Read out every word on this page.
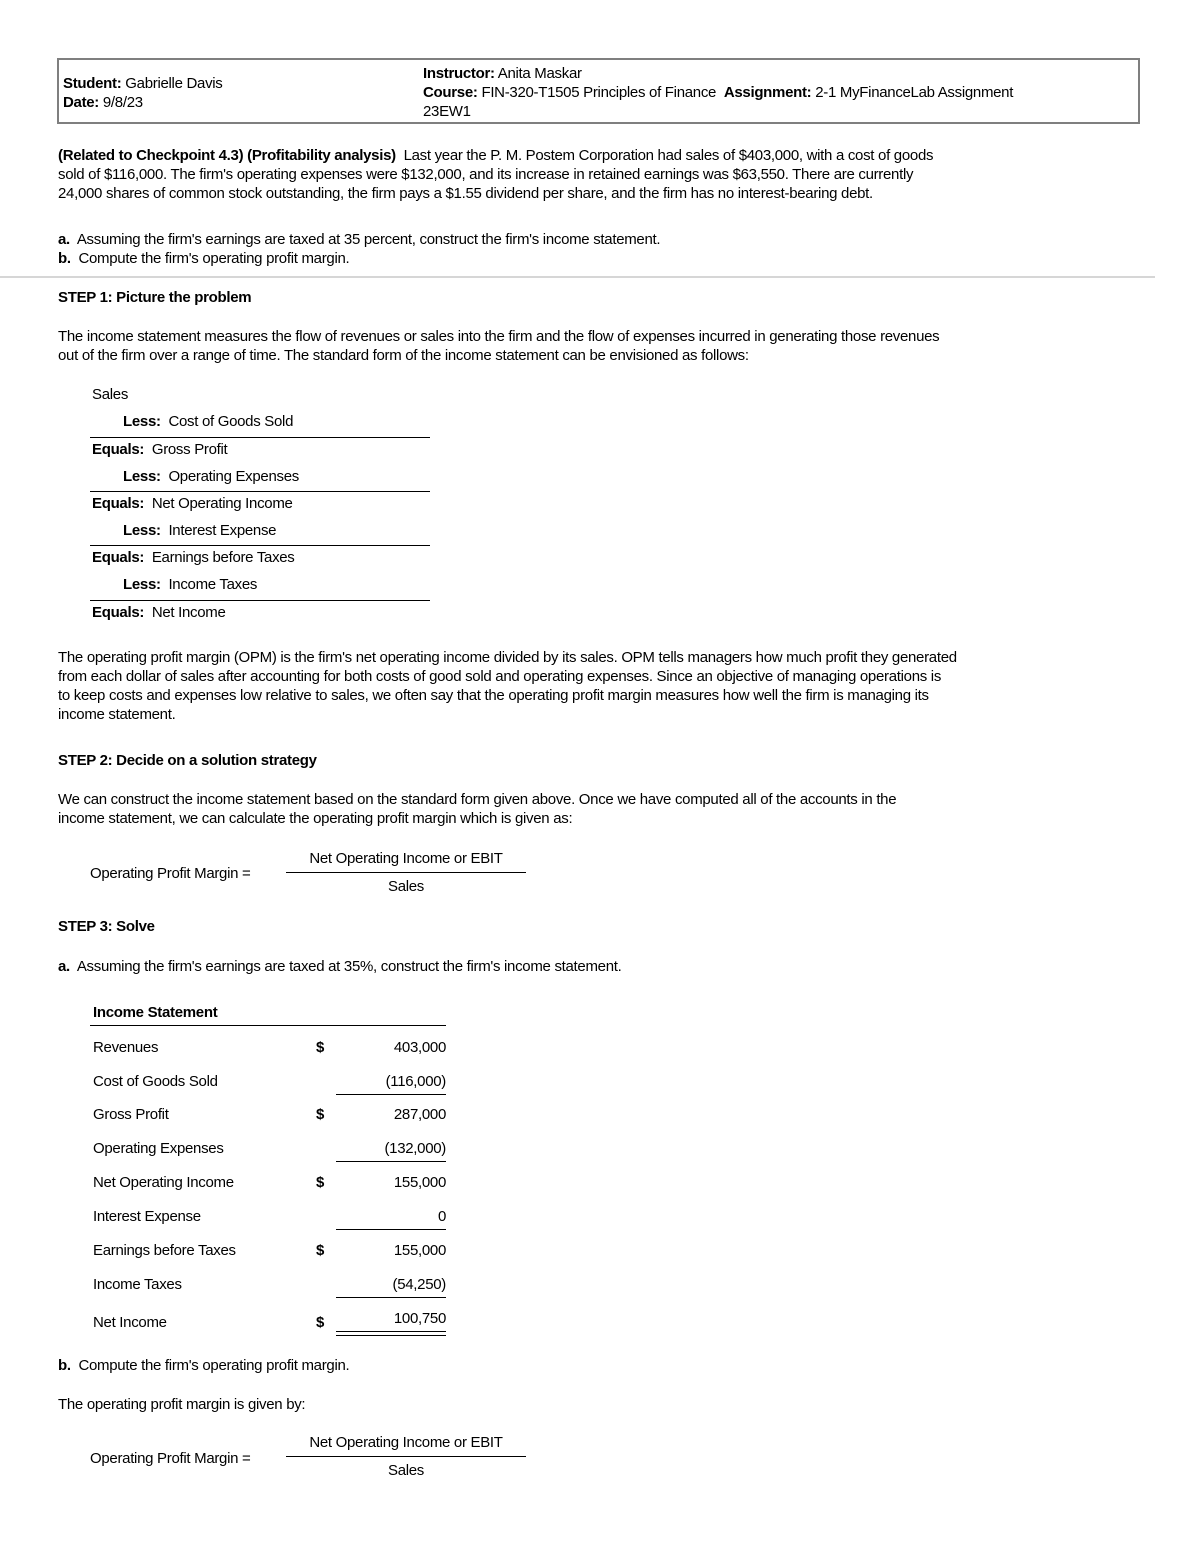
Student: Gabrielle Davis
Date: 9/8/23
Instructor: Anita Maskar
Course: FIN-320-T1505 Principles of Finance Assignment: 2-1 MyFinanceLab Assignment
23EW1
(Related to Checkpoint 4.3) (Profitability analysis) Last year the P. M. Postem Corporation had sales of $403,000, with a cost of goods
sold of $116,000. The firm's operating expenses were $132,000, and its increase in retained earnings was $63,550. There are currently
24,000 shares of common stock outstanding, the firm pays a $1.55 dividend per share, and the firm has no interest-bearing debt.
a. Assuming the firm's earnings are taxed at 35 percent, construct the firm's income statement.
b. Compute the firm's operating profit margin.
STEP 1: Picture the problem
The income statement measures the flow of revenues or sales into the firm and the flow of expenses incurred in generating those revenues
out of the firm over a range of time. The standard form of the income statement can be envisioned as follows:
Sales
Less: Cost of Goods Sold
Equals: Gross Profit
Less: Operating Expenses
Equals: Net Operating Income
Less: Interest Expense
Equals: Earnings before Taxes
Less: Income Taxes
Equals: Net Income
The operating profit margin (OPM) is the firm's net operating income divided by its sales. OPM tells managers how much profit they generated
from each dollar of sales after accounting for both costs of good sold and operating expenses. Since an objective of managing operations is
to keep costs and expenses low relative to sales, we often say that the operating profit margin measures how well the firm is managing its
income statement.
STEP 2: Decide on a solution strategy
We can construct the income statement based on the standard form given above. Once we have computed all of the accounts in the
income statement, we can calculate the operating profit margin which is given as:
Operating Profit Margin =
Net Operating Income or EBIT
Sales
STEP 3: Solve
a. Assuming the firm's earnings are taxed at 35%, construct the firm's income statement.
Income Statement
Revenues	$	403,000
Cost of Goods Sold	(116,000)
Gross Profit	$	287,000
Operating Expenses	(132,000)
Net Operating Income	$	155,000
Interest Expense	0
Earnings before Taxes	$	155,000
Income Taxes	(54,250)
Net Income	$	100,750
b. Compute the firm's operating profit margin.
The operating profit margin is given by:
Operating Profit Margin =
Net Operating Income or EBIT
Sales
